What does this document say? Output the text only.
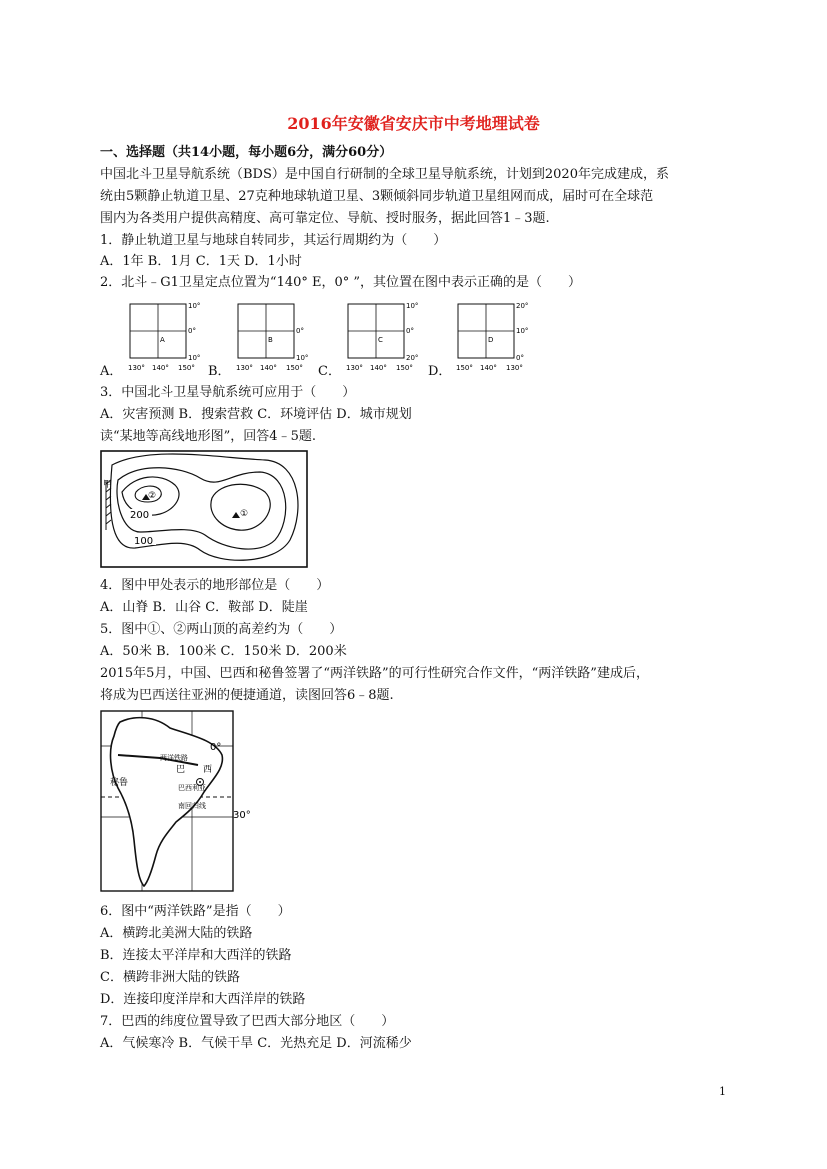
2016年安徽省安庆市中考地理试卷
一、选择题（共14小题，每小题6分，满分60分）
中国北斗卫星导航系统（BDS）是中国自行研制的全球卫星导航系统，计划到2020年完成建成，系
统由5颗静止轨道卫星、27克种地球轨道卫星、3颗倾斜同步轨道卫星组网而成，届时可在全球范
围内为各类用户提供高精度、高可靠定位、导航、授时服务，据此回答1﹣3题.
1．静止轨道卫星与地球自转同步，其运行周期约为（　　）
A．1年 B．1月 C．1天 D．1小时
2．北斗﹣G1卫星定点位置为“140° E，0° ”，其位置在图中表示正确的是（　　）
A
10°
0°
10°
130° 140° 150°
B
0°
10°
130° 140° 150°
C
10°
0°
20°
130° 140° 150°
D
20°
10°
0°
150° 140° 130°
A．	B．	C．	D．
3．中国北斗卫星导航系统可应用于（　　）
A．灾害预测 B．搜索营救 C．环境评估 D．城市规划
读“某地等高线地形图”，回答4﹣5题.
甲
②
①
200
100
4．图中甲处表示的地形部位是（　　）
A．山脊 B．山谷 C．鞍部 D．陡崖
5．图中①、②两山顶的高差约为（　　）
A．50米 B．100米 C．150米 D．200米
2015年5月，中国、巴西和秘鲁签署了“两洋铁路”的可行性研究合作文件，“两洋铁路”建成后，
将成为巴西送往亚洲的便捷通道，读图回答6﹣8题.
0°
30°
秘鲁
巴 西
巴西利亚
两洋铁路
南回归线
6．图中“两洋铁路”是指（　　）
A．横跨北美洲大陆的铁路
B．连接太平洋岸和大西洋的铁路
C．横跨非洲大陆的铁路
D．连接印度洋岸和大西洋岸的铁路
7．巴西的纬度位置导致了巴西大部分地区（　　）
A．气候寒冷 B．气候干旱 C．光热充足 D．河流稀少
1
